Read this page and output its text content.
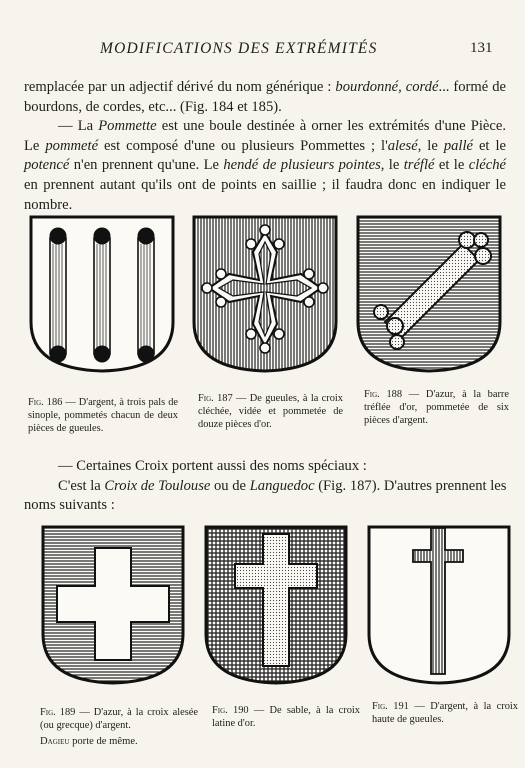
MODIFICATIONS DES EXTRÉMITÉS	131

remplacée par un adjectif dérivé du nom générique : bourdonné, cordé... formé de bourdons, de cordes, etc... (Fig. 184 et 185).

— La Pommette est une boule destinée à orner les extrémités d'une Pièce. Le pommeté est composé d'une ou plusieurs Pommettes ; l'alesé, le pallé et le potencé n'en prennent qu'une. Le hendé de plusieurs pointes, le tréflé et le cléché en prennent autant qu'ils ont de points en saillie ; il faudra donc en indiquer le nombre.

Fig. 186 — D'argent, à trois pals de sinople, pommetés chacun de deux pièces de gueules.

Fig. 187 — De gueules, à la croix cléchée, vidée et pommetée de douze pièces d'or.

Fig. 188 — D'azur, à la barre tréflée d'or, pommetée de six pièces d'argent.

— Certaines Croix portent aussi des noms spéciaux :

C'est la Croix de Toulouse ou de Languedoc (Fig. 187). D'autres prennent les noms suivants :

Fig. 189 — D'azur, à la croix alesée (ou grecque) d'argent.

Dagieu porte de même.

Fig. 190 — De sable, à la croix latine d'or.

Fig. 191 — D'argent, à la croix haute de gueules.
